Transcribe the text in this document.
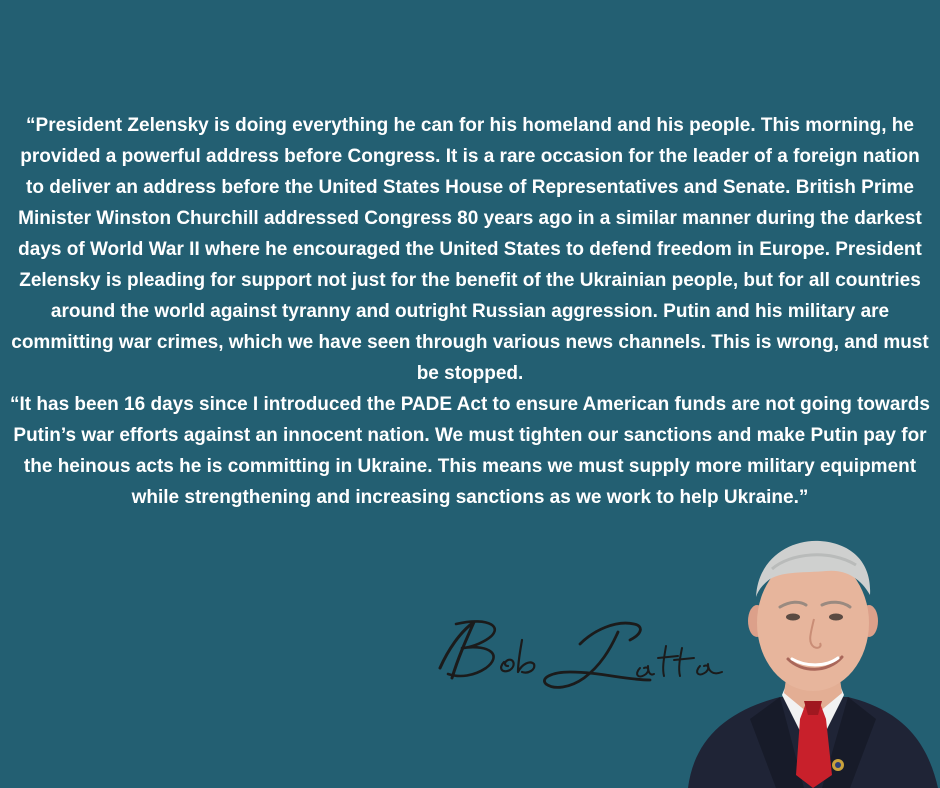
“President Zelensky is doing everything he can for his homeland and his people. This morning, he provided a powerful address before Congress. It is a rare occasion for the leader of a foreign nation to deliver an address before the United States House of Representatives and Senate. British Prime Minister Winston Churchill addressed Congress 80 years ago in a similar manner during the darkest days of World War II where he encouraged the United States to defend freedom in Europe. President Zelensky is pleading for support not just for the benefit of the Ukrainian people, but for all countries around the world against tyranny and outright Russian aggression. Putin and his military are committing war crimes, which we have seen through various news channels. This is wrong, and must be stopped.

“It has been 16 days since I introduced the PADE Act to ensure American funds are not going towards Putin’s war efforts against an innocent nation. We must tighten our sanctions and make Putin pay for the heinous acts he is committing in Ukraine. This means we must supply more military equipment while strengthening and increasing sanctions as we work to help Ukraine.”
